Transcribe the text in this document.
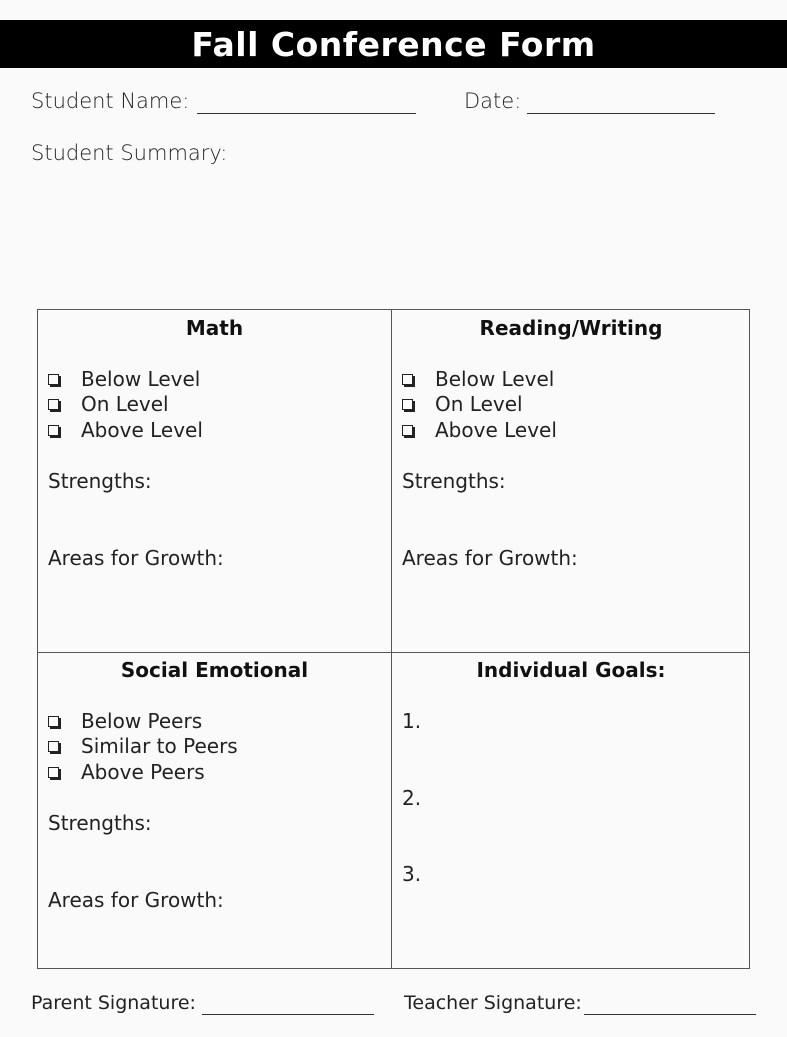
Fall Conference Form
Student Name:	Date:
Student Summary:
Math
Below Level
On Level
Above Level
Strengths:
Areas for Growth:
Reading/Writing
Below Level
On Level
Above Level
Strengths:
Areas for Growth:
Social Emotional
Below Peers
Similar to Peers
Above Peers
Strengths:
Areas for Growth:
Individual Goals:
1.
2.
3.
Parent Signature:	Teacher Signature:
